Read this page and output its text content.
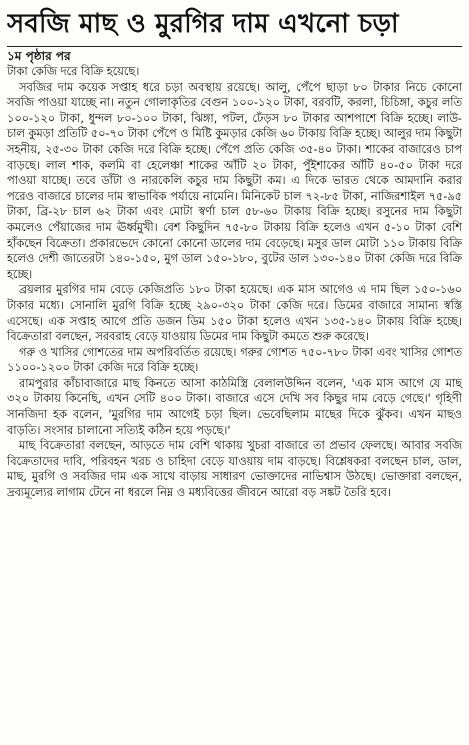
সবজি মাছ ও মুরগির দাম এখনো চড়া

১ম পৃষ্ঠার পর

টাকা কেজি দরে বিক্রি হয়েছে।

সবজির দাম কয়েক সপ্তাহ ধরে চড়া অবস্থায় রয়েছে। আলু, পেঁপে ছাড়া ৮০ টাকার নিচে কোনো সবজি পাওয়া যাচ্ছে না। নতুন গোলাকৃতির বেগুন ১০০-১২০ টাকা, বরবটি, করলা, চিচিঙ্গা, কচুর লতি ১০০-১২০ টাকা, ধুন্দল ৮০-১০০ টাকা, ঝিঙ্গা, পটল, ঢেঁড়স ৮০ টাকার আশপাশে বিক্রি হচ্ছে। লাউ-চাল কুমড়া প্রতিটি ৫০-৭০ টাকা পেঁপে ও মিষ্টি কুমড়ার কেজি ৬০ টাকায় বিক্রি হচ্ছে। আলুর দাম কিছুটা সহনীয়, ২৫-৩০ টাকা কেজি দরে বিক্রি হচ্ছে। পেঁপে প্রতি কেজি ৩৫-৪০ টাকা। শাকের বাজারেও চাপ বাড়ছে। লাল শাক, কলমি বা হেলেঞ্চা শাকের আঁটি ২০ টাকা, পুঁইশাকের আঁটি ৪০-৫০ টাকা দরে পাওয়া যাচ্ছে। তবে ডাঁটা ও নারকেলি কচুর দাম কিছুটা কম। এ দিকে ভারত থেকে আমদানি করার পরেও বাজারে চালের দাম স্বাভাবিক পর্যায়ে নামেনি। মিনিকেট চাল ৭২-৮৫ টাকা, নাজিরশাইল ৭৫-৯৫ টাকা, ব্রি-২৮ চাল ৬২ টাকা এবং মোটা স্বর্ণা চাল ৫৮-৬০ টাকায় বিক্রি হচ্ছে। রসুনের দাম কিছুটা কমলেও পেঁয়াজের দাম ঊর্ধ্বমুখী। বেশ কিছুদিন ৭৫-৮০ টাকায় বিক্রি হলেও এখন ৫-১০ টাকা বেশি হাঁকছেন বিক্রেতা। প্রকারভেদে কোনো কোনো ডালের দাম বেড়েছে। মসুর ডাল মোটা ১১০ টাকায় বিক্রি হলেও দেশী জাতেরটা ১৪০-১৫০, মুগ ডাল ১৫০-১৮০, বুটের ডাল ১৩০-১৪০ টাকা কেজি দরে বিক্রি হচ্ছে।

ব্রয়লার মুরগির দাম বেড়ে কেজিপ্রতি ১৮০ টাকা হয়েছে। এক মাস আগেও এ দাম ছিল ১৫০-১৬০ টাকার মধ্যে। সোনালি মুরগি বিক্রি হচ্ছে ২৯০-৩২০ টাকা কেজি দরে। ডিমের বাজারে সামান্য স্বস্তি এসেছে। এক সপ্তাহ আগে প্রতি ডজন ডিম ১৫০ টাকা হলেও এখন ১৩৫-১৪০ টাকায় বিক্রি হচ্ছে। বিক্রেতারা বলছেন, সরবরাহ বেড়ে যাওয়ায় ডিমের দাম কিছুটা কমতে শুরু করেছে।

গরু ও খাসির গোশতের দাম অপরিবর্তিত রয়েছে। গরুর গোশত ৭৫০-৭৮০ টাকা এবং খাসির গোশত ১১০০-১২০০ টাকা কেজি দরে বিক্রি হচ্ছে।

রামপুরার কাঁচাবাজারে মাছ কিনতে আসা কাঠমিস্ত্রি বেলালউদ্দিন বলেন, 'এক মাস আগে যে মাছ ৩২০ টাকায় কিনেছি, এখন সেটি ৪০০ টাকা। বাজারে এসে দেখি সব কিছুর দাম বেড়ে গেছে।' গৃহিণী সানজিদা হক বলেন, 'মুরগির দাম আগেই চড়া ছিল। ভেবেছিলাম মাছের দিকে ঝুঁকব। এখন মাছও বাড়তি। সংসার চালানো সত্যিই কঠিন হয়ে পড়ছে।'

মাছ বিক্রেতারা বলছেন, আড়তে দাম বেশি থাকায় খুচরা বাজারে তা প্রভাব ফেলছে। আবার সবজি বিক্রেতাদের দাবি, পরিবহন খরচ ও চাহিদা বেড়ে যাওয়ায় দাম বাড়ছে। বিশ্লেষকরা বলছেন চাল, ডাল, মাছ, মুরগি ও সবজির দাম এক সাথে বাড়ায় সাধারণ ভোক্তাদের নাভিশ্বাস উঠছে। ভোক্তারা বলছেন, দ্রব্যমূল্যের লাগাম টেনে না ধরলে নিম্ন ও মধ্যবিত্তের জীবনে আরো বড় সঙ্কট তৈরি হবে।
